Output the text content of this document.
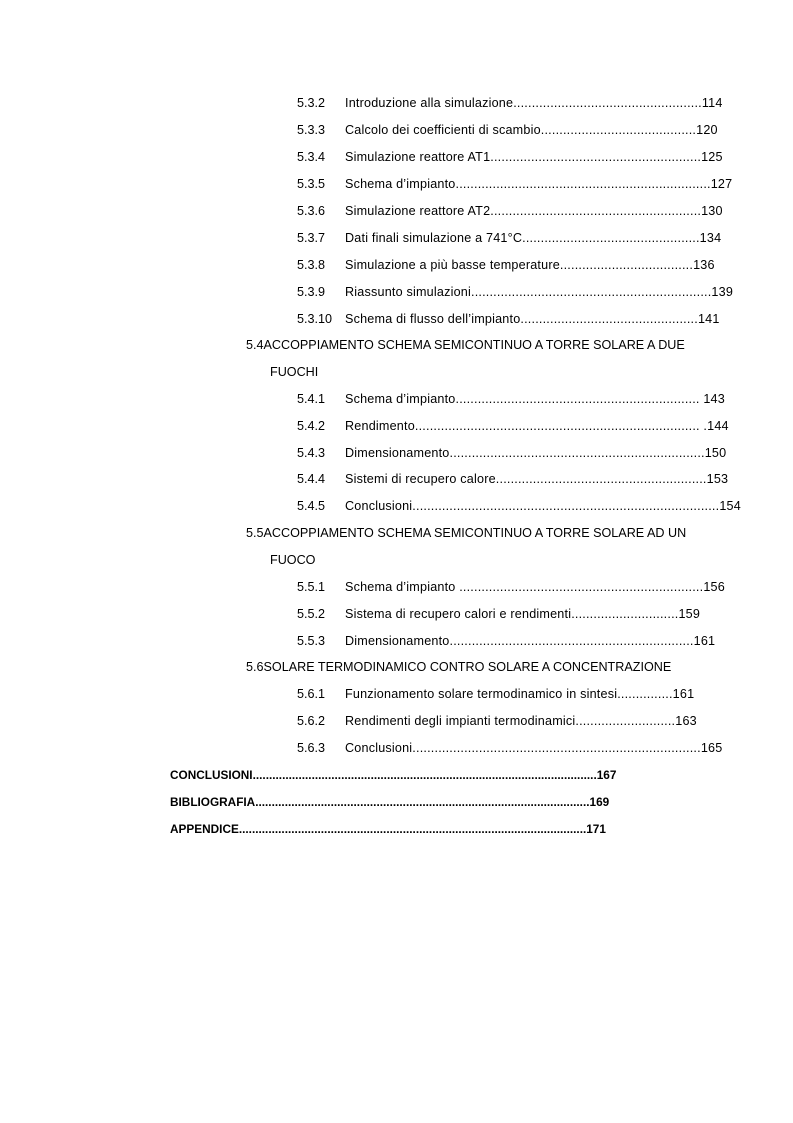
5.3.2 Introduzione alla simulazione...................................................114
5.3.3 Calcolo dei coefficienti di scambio..........................................120
5.3.4 Simulazione reattore AT1.........................................................125
5.3.5 Schema d’impianto.....................................................................127
5.3.6 Simulazione reattore AT2.........................................................130
5.3.7 Dati finali simulazione a 741°C................................................134
5.3.8 Simulazione a più basse temperature....................................136
5.3.9 Riassunto simulazioni.................................................................139
5.3.10 Schema di flusso dell’impianto................................................141
5.4ACCOPPIAMENTO SCHEMA SEMICONTINUO A TORRE SOLARE A DUE
FUOCHI
5.4.1 Schema d’impianto.................................................................. 143
5.4.2 Rendimento............................................................................. .144
5.4.3 Dimensionamento.....................................................................150
5.4.4 Sistemi di recupero calore.........................................................153
5.4.5 Conclusioni...................................................................................154
5.5ACCOPPIAMENTO SCHEMA SEMICONTINUO A TORRE SOLARE AD UN
FUOCO
5.5.1 Schema d’impianto ..................................................................156
5.5.2 Sistema di recupero calori e rendimenti.............................159
5.5.3 Dimensionamento..................................................................161
5.6SOLARE TERMODINAMICO CONTRO SOLARE A CONCENTRAZIONE
5.6.1 Funzionamento solare termodinamico in sintesi...............161
5.6.2 Rendimenti degli impianti termodinamici...........................163
5.6.3 Conclusioni..............................................................................165
CONCLUSIONI.........................................................................................................167
BIBLIOGRAFIA......................................................................................................169
APPENDICE..........................................................................................................171
